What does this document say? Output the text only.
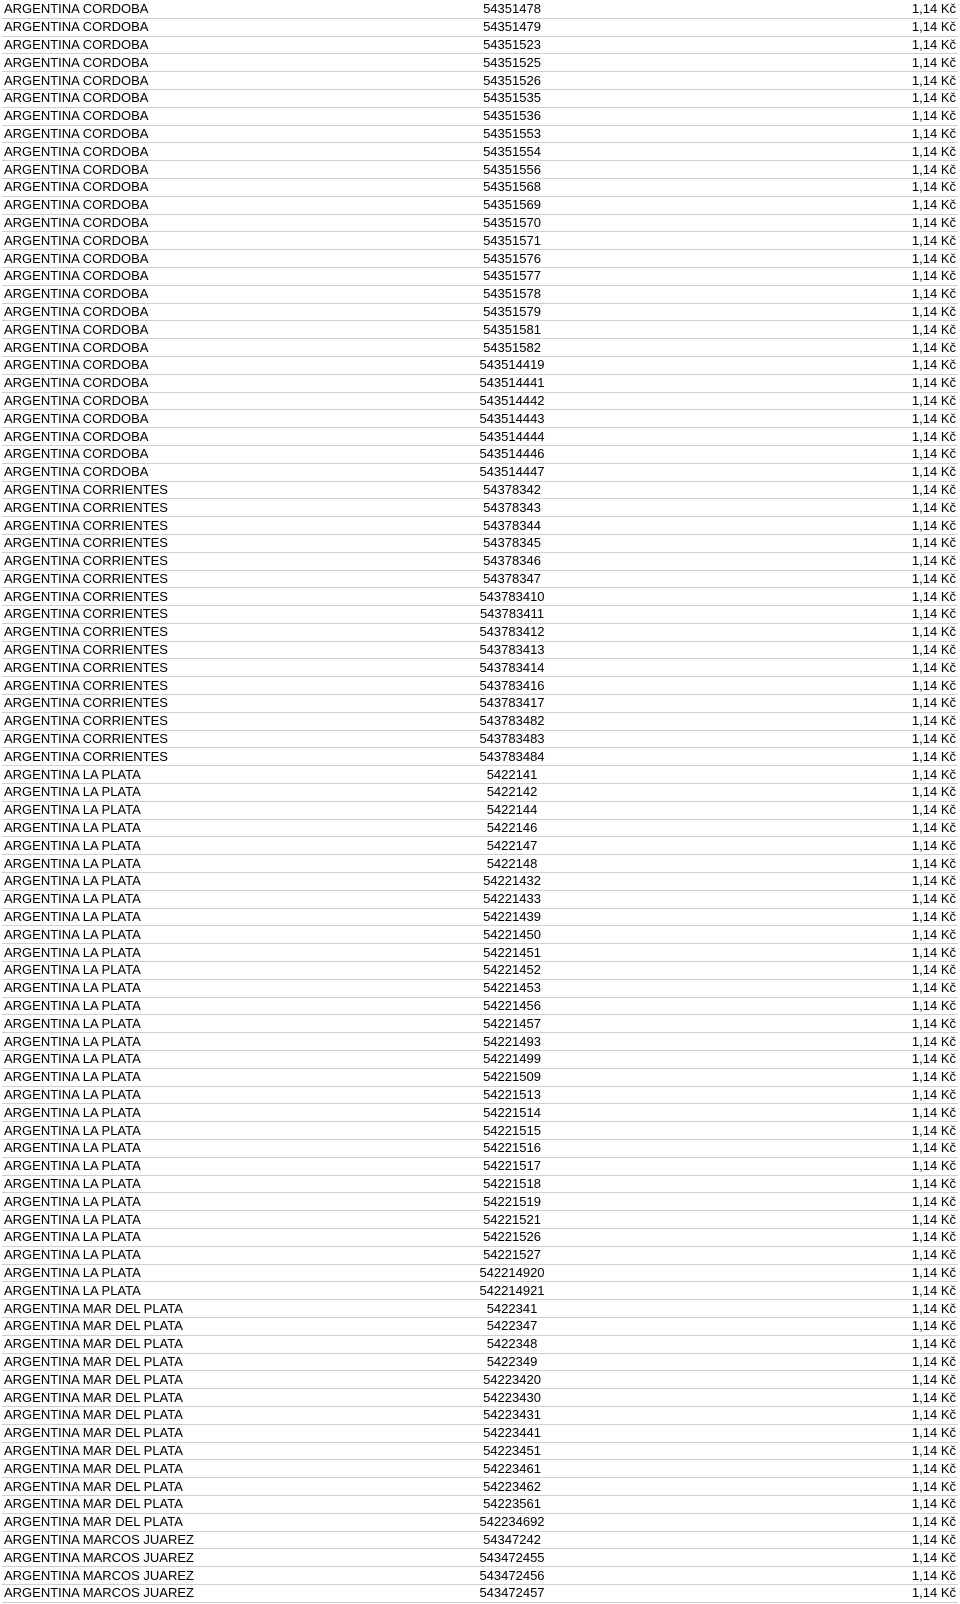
ARGENTINA CORDOBA	54351478	1,14 Kč
ARGENTINA CORDOBA	54351479	1,14 Kč
ARGENTINA CORDOBA	54351523	1,14 Kč
ARGENTINA CORDOBA	54351525	1,14 Kč
ARGENTINA CORDOBA	54351526	1,14 Kč
ARGENTINA CORDOBA	54351535	1,14 Kč
ARGENTINA CORDOBA	54351536	1,14 Kč
ARGENTINA CORDOBA	54351553	1,14 Kč
ARGENTINA CORDOBA	54351554	1,14 Kč
ARGENTINA CORDOBA	54351556	1,14 Kč
ARGENTINA CORDOBA	54351568	1,14 Kč
ARGENTINA CORDOBA	54351569	1,14 Kč
ARGENTINA CORDOBA	54351570	1,14 Kč
ARGENTINA CORDOBA	54351571	1,14 Kč
ARGENTINA CORDOBA	54351576	1,14 Kč
ARGENTINA CORDOBA	54351577	1,14 Kč
ARGENTINA CORDOBA	54351578	1,14 Kč
ARGENTINA CORDOBA	54351579	1,14 Kč
ARGENTINA CORDOBA	54351581	1,14 Kč
ARGENTINA CORDOBA	54351582	1,14 Kč
ARGENTINA CORDOBA	543514419	1,14 Kč
ARGENTINA CORDOBA	543514441	1,14 Kč
ARGENTINA CORDOBA	543514442	1,14 Kč
ARGENTINA CORDOBA	543514443	1,14 Kč
ARGENTINA CORDOBA	543514444	1,14 Kč
ARGENTINA CORDOBA	543514446	1,14 Kč
ARGENTINA CORDOBA	543514447	1,14 Kč
ARGENTINA CORRIENTES	54378342	1,14 Kč
ARGENTINA CORRIENTES	54378343	1,14 Kč
ARGENTINA CORRIENTES	54378344	1,14 Kč
ARGENTINA CORRIENTES	54378345	1,14 Kč
ARGENTINA CORRIENTES	54378346	1,14 Kč
ARGENTINA CORRIENTES	54378347	1,14 Kč
ARGENTINA CORRIENTES	543783410	1,14 Kč
ARGENTINA CORRIENTES	543783411	1,14 Kč
ARGENTINA CORRIENTES	543783412	1,14 Kč
ARGENTINA CORRIENTES	543783413	1,14 Kč
ARGENTINA CORRIENTES	543783414	1,14 Kč
ARGENTINA CORRIENTES	543783416	1,14 Kč
ARGENTINA CORRIENTES	543783417	1,14 Kč
ARGENTINA CORRIENTES	543783482	1,14 Kč
ARGENTINA CORRIENTES	543783483	1,14 Kč
ARGENTINA CORRIENTES	543783484	1,14 Kč
ARGENTINA LA PLATA	5422141	1,14 Kč
ARGENTINA LA PLATA	5422142	1,14 Kč
ARGENTINA LA PLATA	5422144	1,14 Kč
ARGENTINA LA PLATA	5422146	1,14 Kč
ARGENTINA LA PLATA	5422147	1,14 Kč
ARGENTINA LA PLATA	5422148	1,14 Kč
ARGENTINA LA PLATA	54221432	1,14 Kč
ARGENTINA LA PLATA	54221433	1,14 Kč
ARGENTINA LA PLATA	54221439	1,14 Kč
ARGENTINA LA PLATA	54221450	1,14 Kč
ARGENTINA LA PLATA	54221451	1,14 Kč
ARGENTINA LA PLATA	54221452	1,14 Kč
ARGENTINA LA PLATA	54221453	1,14 Kč
ARGENTINA LA PLATA	54221456	1,14 Kč
ARGENTINA LA PLATA	54221457	1,14 Kč
ARGENTINA LA PLATA	54221493	1,14 Kč
ARGENTINA LA PLATA	54221499	1,14 Kč
ARGENTINA LA PLATA	54221509	1,14 Kč
ARGENTINA LA PLATA	54221513	1,14 Kč
ARGENTINA LA PLATA	54221514	1,14 Kč
ARGENTINA LA PLATA	54221515	1,14 Kč
ARGENTINA LA PLATA	54221516	1,14 Kč
ARGENTINA LA PLATA	54221517	1,14 Kč
ARGENTINA LA PLATA	54221518	1,14 Kč
ARGENTINA LA PLATA	54221519	1,14 Kč
ARGENTINA LA PLATA	54221521	1,14 Kč
ARGENTINA LA PLATA	54221526	1,14 Kč
ARGENTINA LA PLATA	54221527	1,14 Kč
ARGENTINA LA PLATA	542214920	1,14 Kč
ARGENTINA LA PLATA	542214921	1,14 Kč
ARGENTINA MAR DEL PLATA	5422341	1,14 Kč
ARGENTINA MAR DEL PLATA	5422347	1,14 Kč
ARGENTINA MAR DEL PLATA	5422348	1,14 Kč
ARGENTINA MAR DEL PLATA	5422349	1,14 Kč
ARGENTINA MAR DEL PLATA	54223420	1,14 Kč
ARGENTINA MAR DEL PLATA	54223430	1,14 Kč
ARGENTINA MAR DEL PLATA	54223431	1,14 Kč
ARGENTINA MAR DEL PLATA	54223441	1,14 Kč
ARGENTINA MAR DEL PLATA	54223451	1,14 Kč
ARGENTINA MAR DEL PLATA	54223461	1,14 Kč
ARGENTINA MAR DEL PLATA	54223462	1,14 Kč
ARGENTINA MAR DEL PLATA	54223561	1,14 Kč
ARGENTINA MAR DEL PLATA	542234692	1,14 Kč
ARGENTINA MARCOS JUAREZ	54347242	1,14 Kč
ARGENTINA MARCOS JUAREZ	543472455	1,14 Kč
ARGENTINA MARCOS JUAREZ	543472456	1,14 Kč
ARGENTINA MARCOS JUAREZ	543472457	1,14 Kč
